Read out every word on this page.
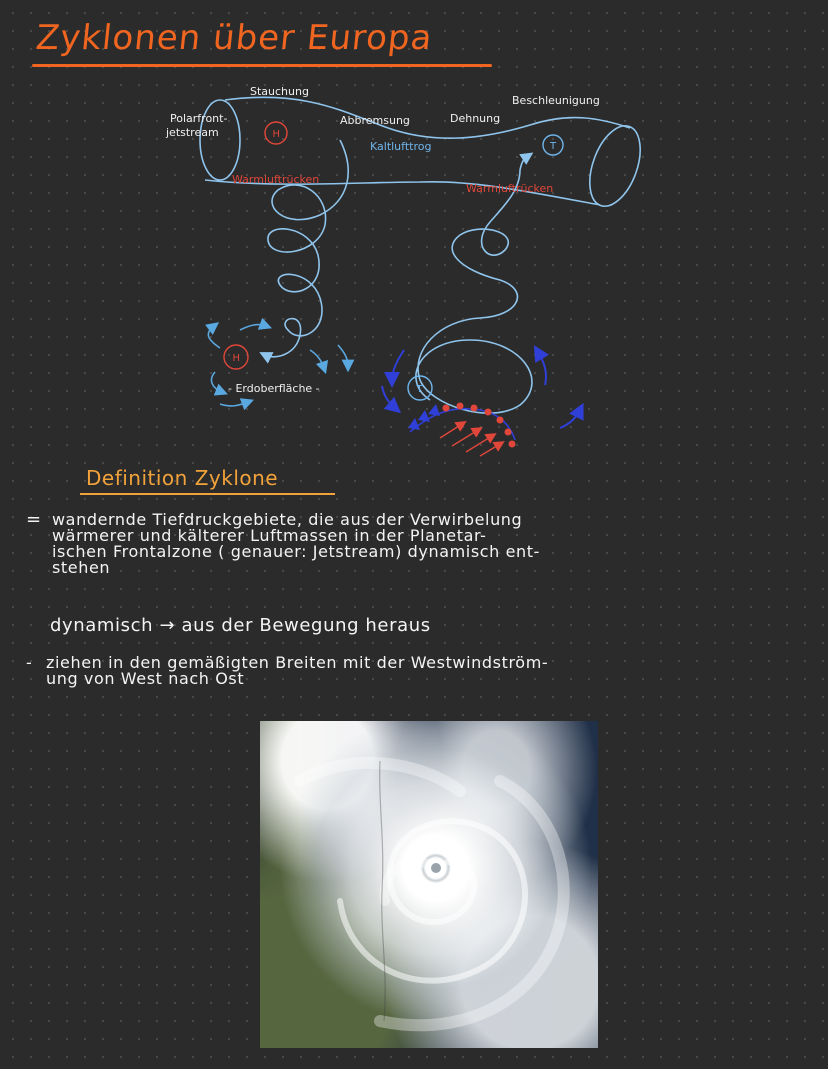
Zyklonen über Europa
H
T
H
T
Stauchung
Polarfront-
jetstream
Abbremsung	Dehnung
Beschleunigung
Kaltlufttrog
Warmluftrücken
Warmluftrücken
- Erdoberfläche -
Definition Zyklone
= wandernde Tiefdruckgebiete, die aus der Verwirbelung
wärmerer und kälterer Luftmassen in der Planetar-
ischen Frontalzone ( genauer: Jetstream) dynamisch ent-
stehen
dynamisch → aus der Bewegung heraus
- ziehen in den gemäßigten Breiten mit der Westwindström-
ung von West nach Ost
